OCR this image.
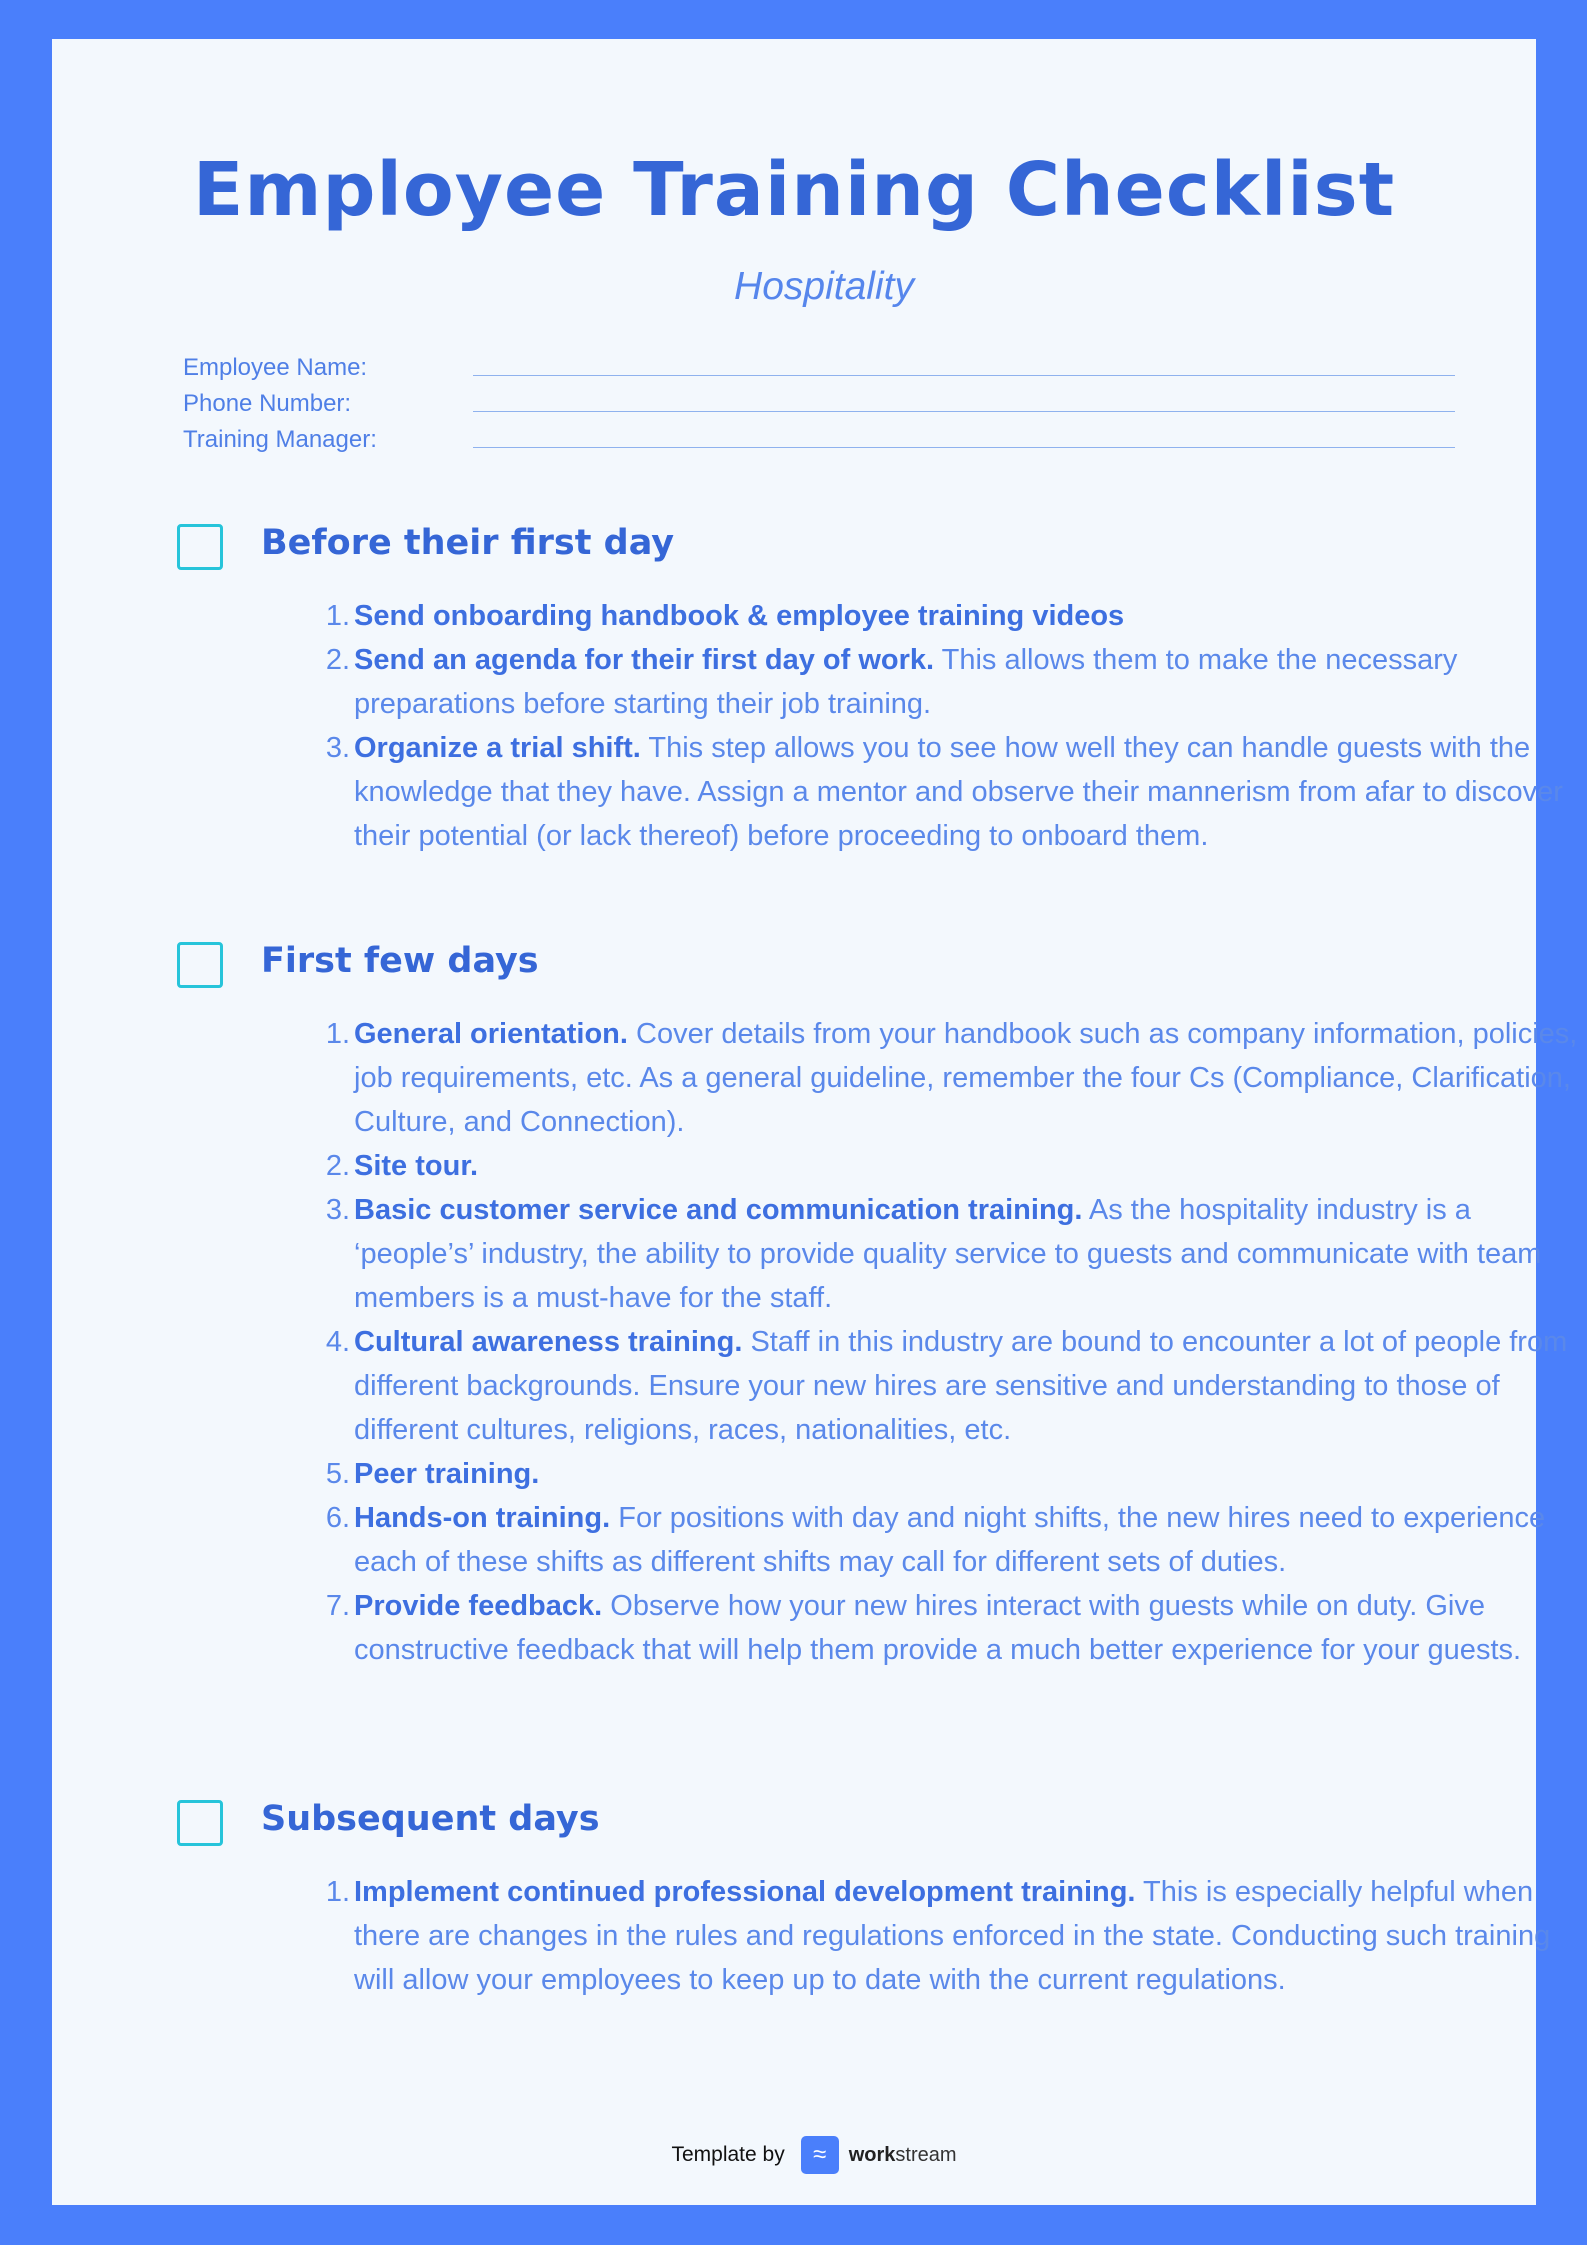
Employee Training Checklist
Hospitality
Employee Name:
Phone Number:
Training Manager:
Before their first day
1. Send onboarding handbook & employee training videos
2. Send an agenda for their first day of work. This allows them to make the necessary preparations before starting their job training.
3. Organize a trial shift. This step allows you to see how well they can handle guests with the knowledge that they have. Assign a mentor and observe their mannerism from afar to discover their potential (or lack thereof) before proceeding to onboard them.
First few days
1. General orientation. Cover details from your handbook such as company information, policies, job requirements, etc. As a general guideline, remember the four Cs (Compliance, Clarification, Culture, and Connection).
2. Site tour.
3. Basic customer service and communication training. As the hospitality industry is a ‘people’s’ industry, the ability to provide quality service to guests and communicate with team members is a must-have for the staff.
4. Cultural awareness training. Staff in this industry are bound to encounter a lot of people from different backgrounds. Ensure your new hires are sensitive and understanding to those of different cultures, religions, races, nationalities, etc.
5. Peer training.
6. Hands-on training. For positions with day and night shifts, the new hires need to experience each of these shifts as different shifts may call for different sets of duties.
7. Provide feedback. Observe how your new hires interact with guests while on duty. Give constructive feedback that will help them provide a much better experience for your guests.
Subsequent days
1. Implement continued professional development training. This is especially helpful when there are changes in the rules and regulations enforced in the state. Conducting such training will allow your employees to keep up to date with the current regulations.
Template by	≈	workstream
